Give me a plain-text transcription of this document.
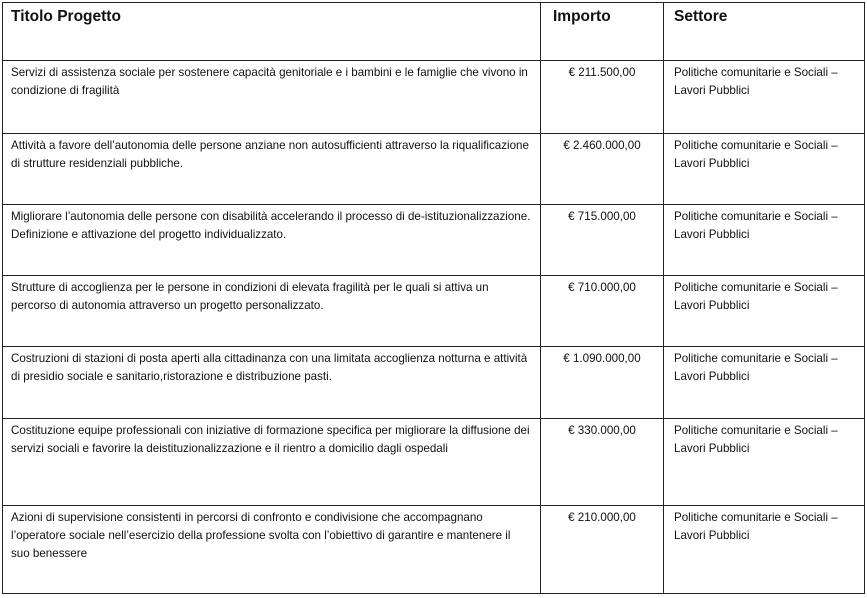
Titolo Progetto	Importo	Settore
Servizi di assistenza sociale per sostenere capacità genitoriale e i bambini e le famiglie che vivono in condizione di fragilità	€ 211.500,00	Politiche comunitarie e Sociali – Lavori Pubblici
Attività a favore dell’autonomia delle persone anziane non autosufficienti attraverso la riqualificazione di strutture residenziali pubbliche.	€ 2.460.000,00	Politiche comunitarie e Sociali – Lavori Pubblici
Migliorare l’autonomia delle persone con disabilità accelerando il processo di de-istituzionalizzazione. Definizione e attivazione del progetto individualizzato.	€ 715.000,00	Politiche comunitarie e Sociali – Lavori Pubblici
Strutture di accoglienza per le persone in condizioni di elevata fragilità per le quali si attiva un percorso di autonomia attraverso un progetto personalizzato.	€ 710.000,00	Politiche comunitarie e Sociali – Lavori Pubblici
Costruzioni di stazioni di posta aperti alla cittadinanza con una limitata accoglienza notturna e attività di presidio sociale e sanitario,ristorazione e distribuzione pasti.	€ 1.090.000,00	Politiche comunitarie e Sociali – Lavori Pubblici
Costituzione equipe professionali con iniziative di formazione specifica per migliorare la diffusione dei servizi sociali e favorire la deistituzionalizzazione e il rientro a domicilio dagli ospedali	€ 330.000,00	Politiche comunitarie e Sociali – Lavori Pubblici
Azioni di supervisione consistenti in percorsi di confronto e condivisione che accompagnano l’operatore sociale nell’esercizio della professione svolta con l’obiettivo di garantire e mantenere il suo benessere	€ 210.000,00	Politiche comunitarie e Sociali – Lavori Pubblici
